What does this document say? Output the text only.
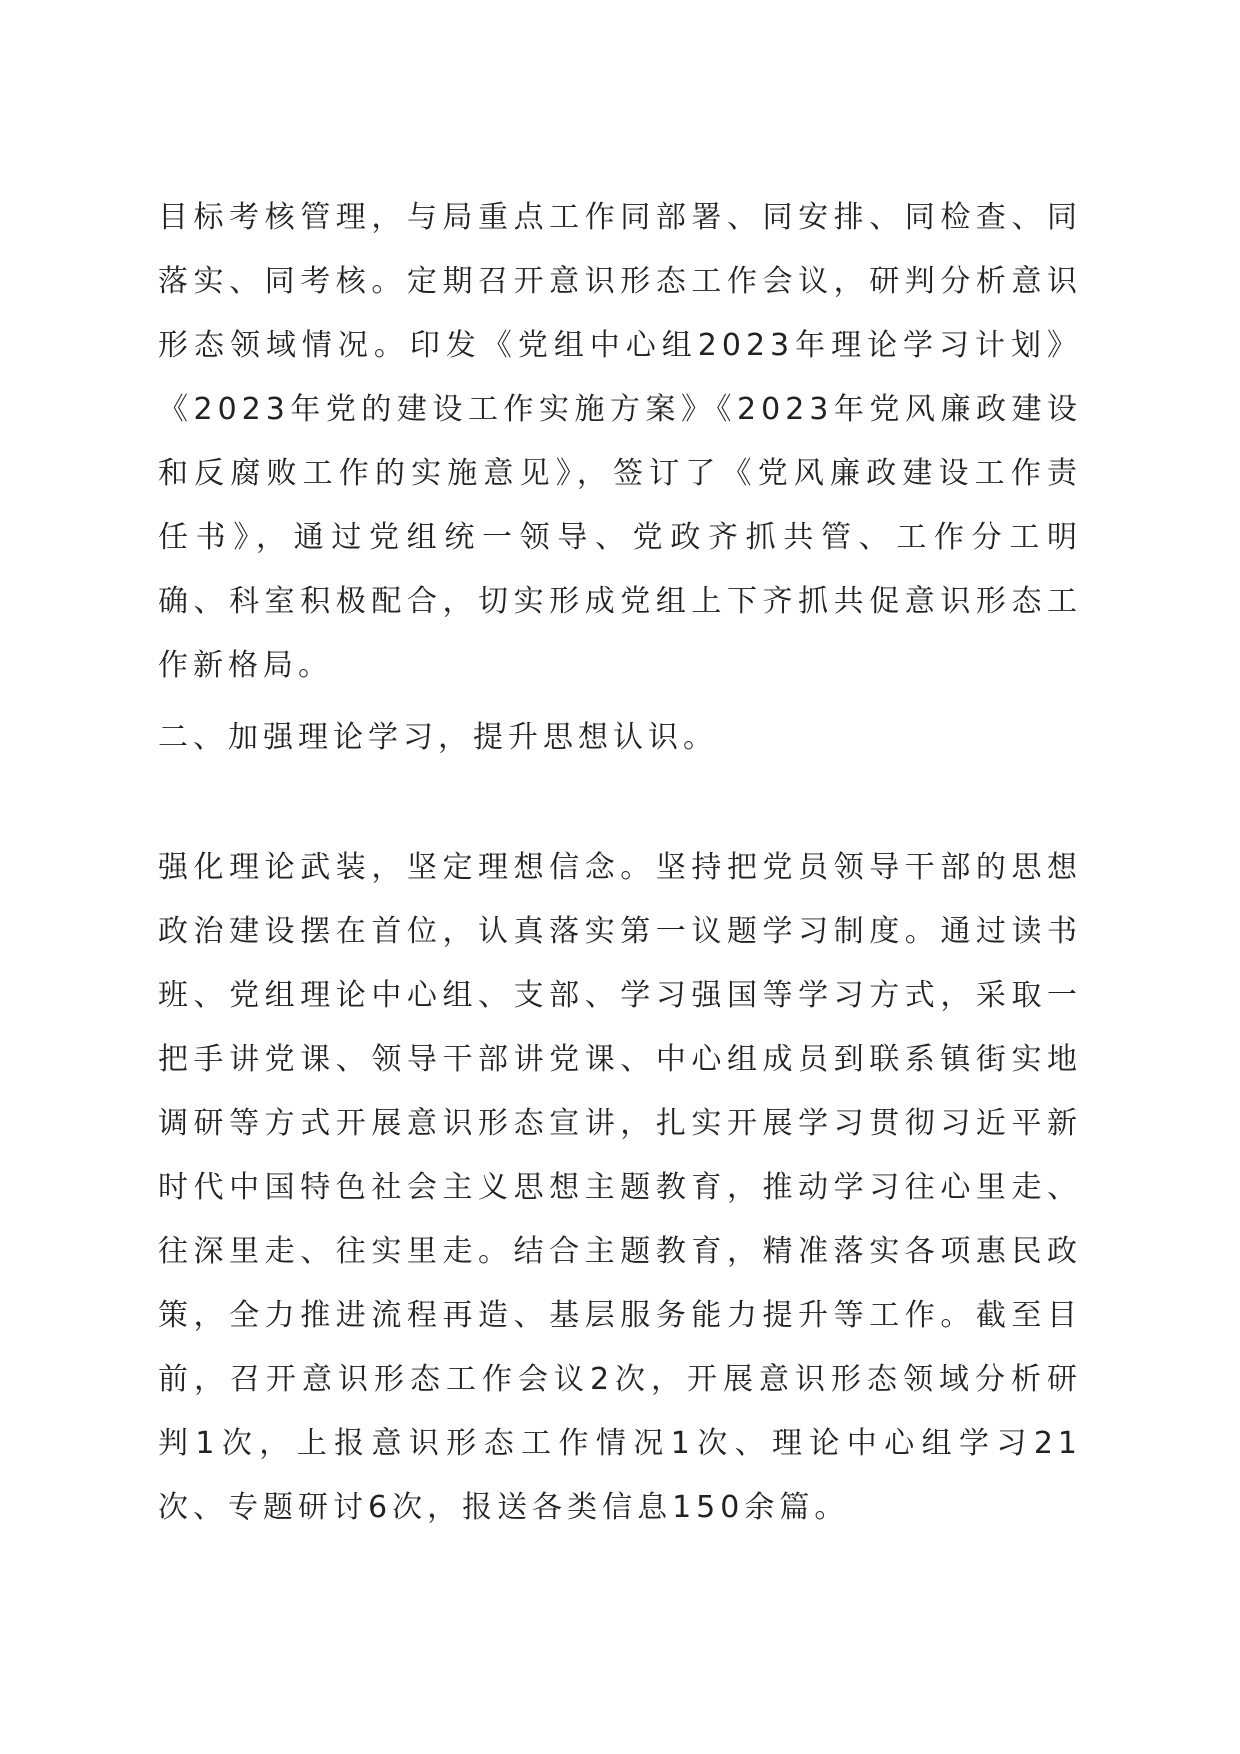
目标考核管理，与局重点工作同部署、同安排、同检查、同落实、同考核。定期召开意识形态工作会议，研判分析意识形态领域情况。印发《党组中心组2023年理论学习计划》《2023年党的建设工作实施方案》《2023年党风廉政建设和反腐败工作的实施意见》，签订了《党风廉政建设工作责任书》，通过党组统一领导、党政齐抓共管、工作分工明确、科室积极配合，切实形成党组上下齐抓共促意识形态工作新格局。

二、加强理论学习，提升思想认识。

强化理论武装，坚定理想信念。坚持把党员领导干部的思想政治建设摆在首位，认真落实第一议题学习制度。通过读书班、党组理论中心组、支部、学习强国等学习方式，采取一把手讲党课、领导干部讲党课、中心组成员到联系镇街实地调研等方式开展意识形态宣讲，扎实开展学习贯彻习近平新时代中国特色社会主义思想主题教育，推动学习往心里走、往深里走、往实里走。结合主题教育，精准落实各项惠民政策，全力推进流程再造、基层服务能力提升等工作。截至目前，召开意识形态工作会议2次，开展意识形态领域分析研判1次，上报意识形态工作情况1次、理论中心组学习21次、专题研讨6次，报送各类信息150余篇。
